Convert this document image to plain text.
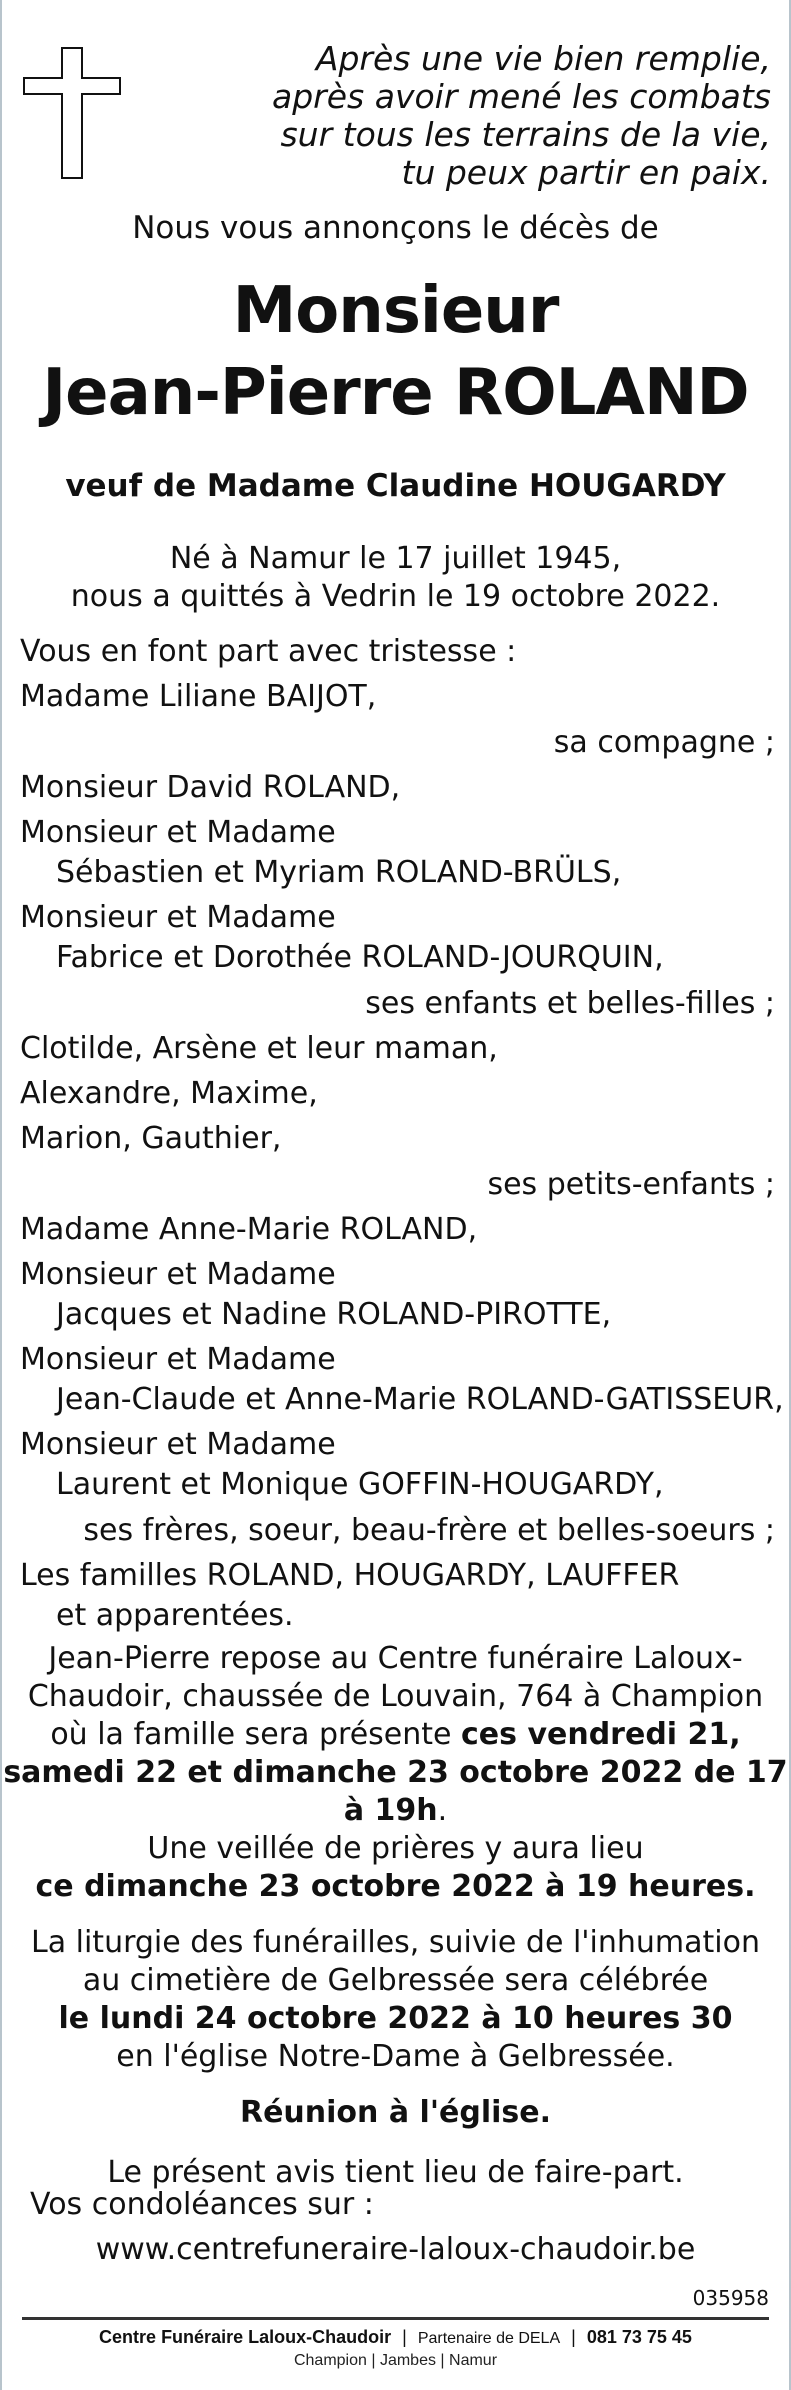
Après une vie bien remplie,
après avoir mené les combats
sur tous les terrains de la vie,
tu peux partir en paix.
Nous vous annonçons le décès de
Monsieur
Jean-Pierre ROLAND
veuf de Madame Claudine HOUGARDY
Né à Namur le 17 juillet 1945,
nous a quittés à Vedrin le 19 octobre 2022.
Vous en font part avec tristesse :
Madame Liliane BAIJOT,
sa compagne ;
Monsieur David ROLAND,
Monsieur et Madame
Sébastien et Myriam ROLAND-BRÜLS,
Monsieur et Madame
Fabrice et Dorothée ROLAND-JOURQUIN,
ses enfants et belles-filles ;
Clotilde, Arsène et leur maman,
Alexandre, Maxime,
Marion, Gauthier,
ses petits-enfants ;
Madame Anne-Marie ROLAND,
Monsieur et Madame
Jacques et Nadine ROLAND-PIROTTE,
Monsieur et Madame
Jean-Claude et Anne-Marie ROLAND-GATISSEUR,
Monsieur et Madame
Laurent et Monique GOFFIN-HOUGARDY,
ses frères, soeur, beau-frère et belles-soeurs ;
Les familles ROLAND, HOUGARDY, LAUFFER
et apparentées.
Jean-Pierre repose au Centre funéraire Laloux-
Chaudoir, chaussée de Louvain, 764 à Champion
où la famille sera présente ces vendredi 21,
samedi 22 et dimanche 23 octobre 2022 de 17 à 19h.
Une veillée de prières y aura lieu
ce dimanche 23 octobre 2022 à 19 heures.
La liturgie des funérailles, suivie de l'inhumation
au cimetière de Gelbressée sera célébrée
le lundi 24 octobre 2022 à 10 heures 30
en l'église Notre-Dame à Gelbressée.
Réunion à l'église.
Le présent avis tient lieu de faire-part.
Vos condoléances sur :
www.centrefuneraire-laloux-chaudoir.be
035958
Centre Funéraire Laloux-Chaudoir | Partenaire de DELA | 081 73 75 45
Champion | Jambes | Namur
